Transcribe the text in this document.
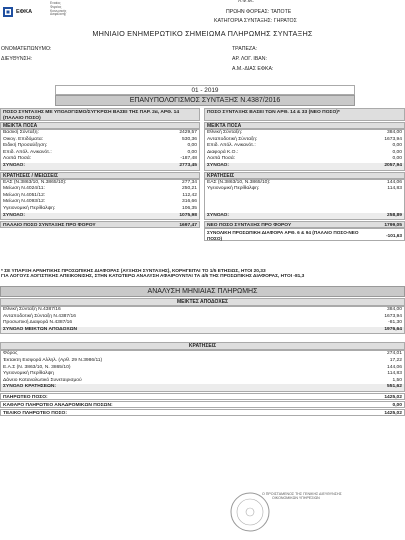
ΕΦΚΑ
Ενιαίος
Φορέας
Κοινωνικής
Ασφάλισης
Α.Φ.Μ.:
ΠΡΩΗΝ ΦΟΡΕΑΣ: ΤΑΠΟΤΕ
ΚΑΤΗΓΟΡΙΑ ΣΥΝΤΑΞΗΣ: ΓΗΡΑΤΟΣ
ΜΗΝΙΑΙΟ ΕΝΗΜΕΡΩΤΙΚΟ ΣΗΜΕΙΩΜΑ ΠΛΗΡΩΜΗΣ ΣΥΝΤΑΞΗΣ
ΟΝΟΜΑΤΕΠΩΝΥΜΟ:
ΔΙΕΥΘΥΝΣΗ:
ΤΡΑΠΕΖΑ:
ΑΡ. ΛΟΓ. IBAN:
Α.Μ.-ΔΙΑΣ ΕΦΚΑ:
01 - 2019
ΕΠΑΝΥΠΟΛΟΓΙΣΜΟΣ ΣΥΝΤΑΞΗΣ Ν.4387/2016
ΠΟΣΟ ΣΥΝΤΑΞΗΣ ΜΕ ΥΠΟΛΟΓΙΣΜΟ/ΣΥΓΚΡΙΣΗ ΒΑΣΕΙ ΤΗΣ ΠΑΡ. 2α, ΑΡΘ. 14 (ΠΑΛΑΙΟ ΠΟΣΟ)
ΜΕΙΚΤΑ ΠΟΣΑ
Βασική Σύνταξη:	2429,57
Οικογ. Επιδόματα:	530,36
Ειδική Προσαύξηση:	0,00
Επιδ. Απόλ. Ανικανότ.:	0,00
Λοιπά Ποσά:	-187,48
ΣΥΝΟΛΟ:	2773,45
ΚΡΑΤΗΣΕΙΣ / ΜΕΙΩΣΕΙΣ
ΕΑΣ (Ν.3863/10, Ν.3865/10):	277,34
Μείωση Ν.4024/11:	250,21
Μείωση Ν.4051/12:	112,42
Μείωση Ν.4093/12:	316,66
Υγειονομική Περίθαλψη:	106,35
ΣΥΝΟΛΟ:	1075,98
ΠΑΛΑΙΟ ΠΟΣΟ ΣΥΝΤΑΞΗΣ ΠΡΟ ΦΟΡΟΥ	1697,47
ΠΟΣΟ ΣΥΝΤΑΞΗΣ ΒΑΣΕΙ ΤΩΝ ΑΡΘ. 14 & 33 (ΝΕΟ ΠΟΣΟ)*
ΜΕΙΚΤΑ ΠΟΣΑ
Εθνική Σύνταξη:	384,00
Ανταποδοτική Σύνταξη:	1673,94
Επιδ. Απόλ. Ανικανότ.:	0,00
Διαφορά Κ.Ο.:	0,00
Λοιπά Ποσά:	0,00
ΣΥΝΟΛΟ:	2057,94
ΚΡΑΤΗΣΕΙΣ
ΕΑΣ (Ν.3863/10, Ν.3865/10):	144,06
Υγειονομική Περίθαλψη:	114,83
ΣΥΝΟΛΟ:	258,89
ΝΕΟ ΠΟΣΟ ΣΥΝΤΑΞΗΣ ΠΡΟ ΦΟΡΟΥ	1799,05
ΣΥΝΟΛΙΚΗ ΠΡΟΣΩΠΙΚΗ ΔΙΑΦΟΡΑ ΑΡΘ. 6 & 94 (ΠΑΛΑΙΟ ΠΟΣΟ-ΝΕΟ ΠΟΣΟ)	-101,63
* ΣΕ ΥΠΑΡΞΗ ΑΡΝΗΤΙΚΗΣ ΠΡΟΣΩΠΙΚΗΣ ΔΙΑΦΟΡΑΣ (ΑΥΞΗΣΗ ΣΥΝΤΑΞΗΣ), ΚΟΡΗΓΕΙΤΑΙ ΤΟ 1/5 ΕΤΗΣΙΩΣ, ΗΤΟΙ 20,33
ΓΙΑ ΛΟΓΟΥΣ ΛΟΓΙΣΤΙΚΗΣ ΑΠΕΙΚΟΝΙΣΗΣ, ΣΤΗΝ ΚΑΤΩΤΕΡΩ ΑΝΑΛΥΣΗ ΑΦΑΙΡΟΥΝΤΑΙ ΤΑ 4/5 ΤΗΣ ΠΡΟΣΩΠΙΚΗΣ ΔΙΑΦΟΡΑΣ, ΗΤΟΙ -81,3
ΑΝΑΛΥΣΗ ΜΗΝΙΑΙΑΣ ΠΛΗΡΩΜΗΣ
ΜΕΙΚΤΕΣ ΑΠΟΔΟΧΕΣ
Εθνική Σύνταξη Ν.4387/16	384,00
Ανταποδοτική Σύνταξη Ν.4387/16	1673,94
Προσωπική Διαφορά Ν.4387/16	-81,30
ΣΥΝΟΛΟ ΜΕΙΚΤΩΝ ΑΠΟΔΟΧΩΝ	1976,64
ΚΡΑΤΗΣΕΙΣ
Φόρος	274,01
Έκτακτη Εισφορά Αλληλ. (Αρθ. 29 Ν.3986/11)	17,22
Ε.Α.Σ (Ν. 3863/10, Ν. 3865/10)	144,06
Υγειονομική Περίθαλψη	114,83
Δάνειο Καταναλωτικό Συνεταιρισμού	1,50
ΣΥΝΟΛΟ ΚΡΑΤΗΣΕΩΝ:	551,62
ΠΛΗΡΩΤΕΟ ΠΟΣΟ:	1425,02
ΚΑΘΑΡΟ ΠΛΗΡΩΤΕΟ ΑΝΑΔΡΟΜΙΚΩΝ ΠΟΣΩΝ:	0,00
ΤΕΛΙΚΟ ΠΛΗΡΩΤΕΟ ΠΟΣΟ:	1425,02
Ο ΠΡΟΙΣΤΑΜΕΝΟΣ ΤΗΣ ΓΕΝΙΚΗΣ ΔΙΕΥΘΥΝΣΗΣ
ΟΙΚΟΝΟΜΙΚΩΝ ΥΠΗΡΕΣΙΩΝ
